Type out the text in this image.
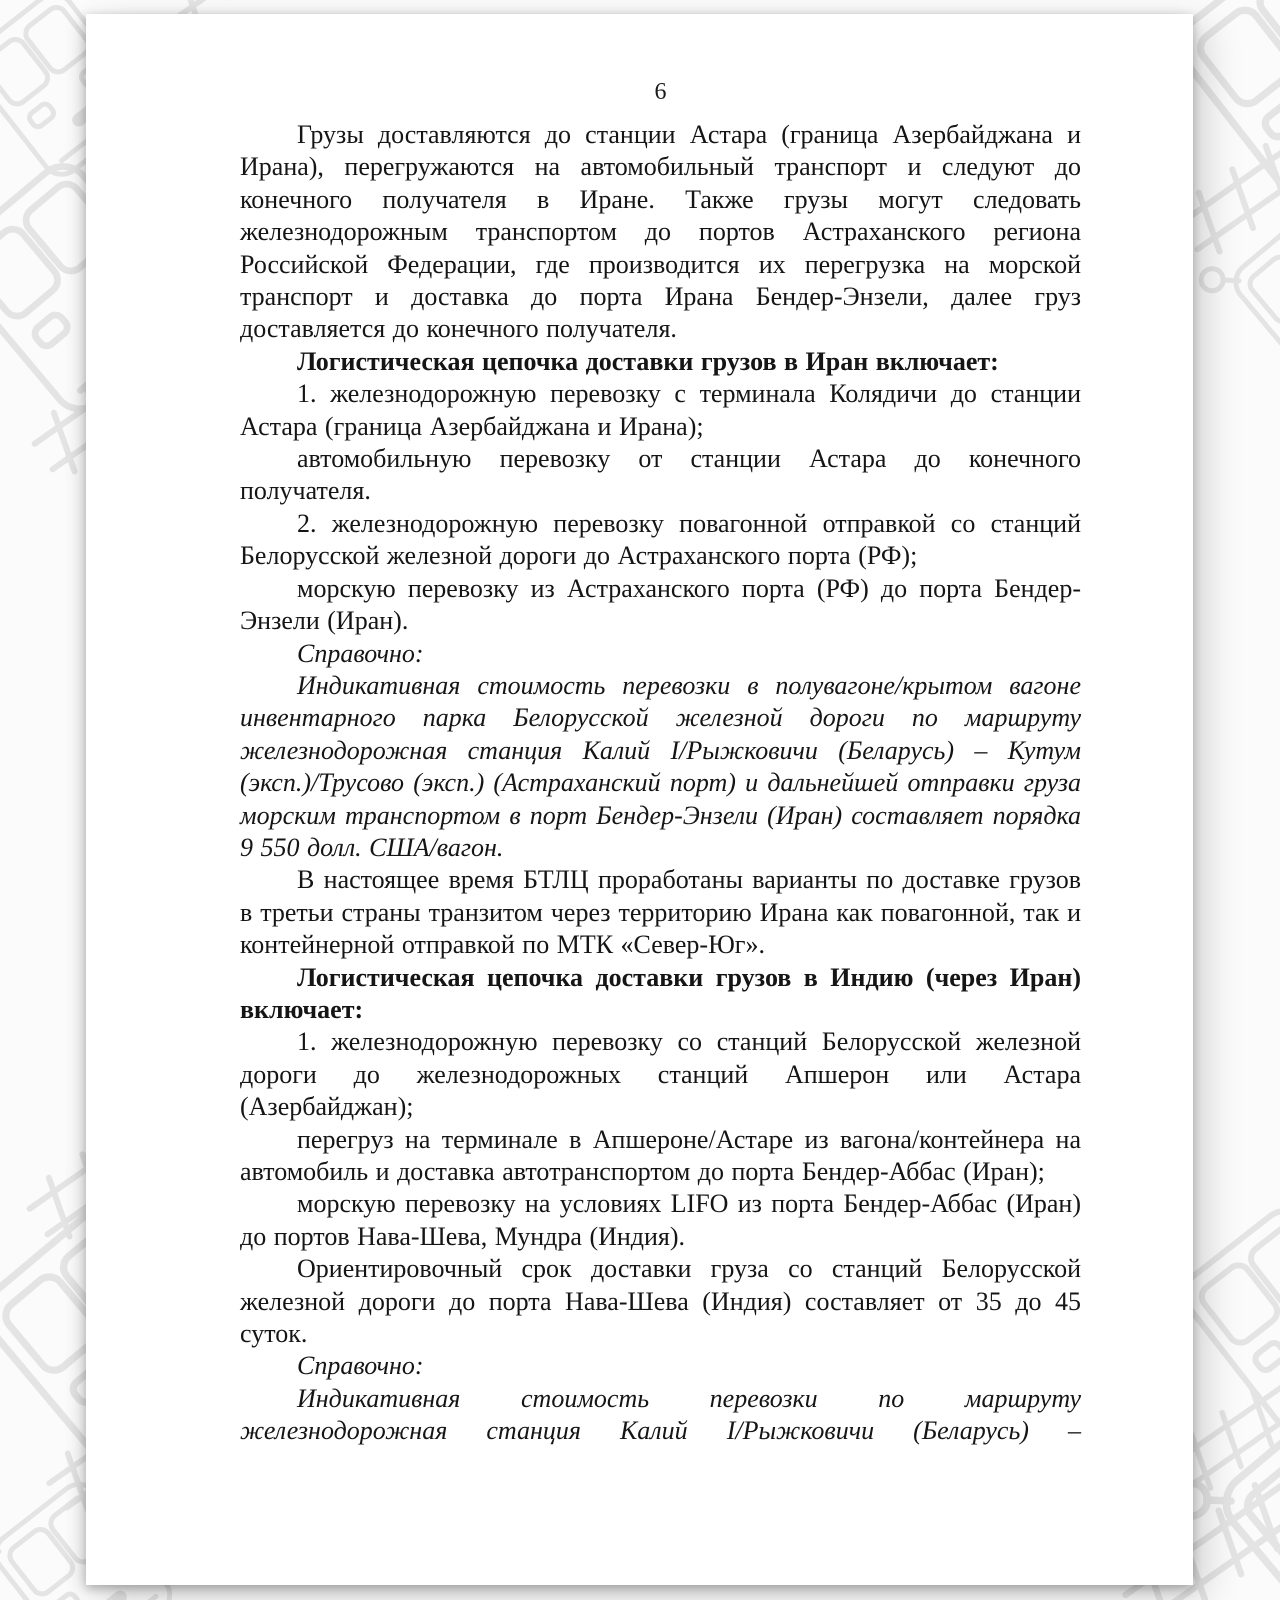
6

Грузы доставляются до станции Астара (граница Азербайджана и Ирана), перегружаются на автомобильный транспорт и следуют до конечного получателя в Иране. Также грузы могут следовать железнодорожным транспортом до портов Астраханского региона Российской Федерации, где производится их перегрузка на морской транспорт и доставка до порта Ирана Бендер-Энзели, далее груз доставляется до конечного получателя.

Логистическая цепочка доставки грузов в Иран включает:

1. железнодорожную перевозку с терминала Колядичи до станции Астара (граница Азербайджана и Ирана);

автомобильную перевозку от станции Астара до конечного получателя.

2. железнодорожную перевозку повагонной отправкой со станций Белорусской железной дороги до Астраханского порта (РФ);

морскую перевозку из Астраханского порта (РФ) до порта Бендер-Энзели (Иран).

Справочно:

Индикативная стоимость перевозки в полувагоне/крытом вагоне инвентарного парка Белорусской железной дороги по маршруту железнодорожная станция Калий I/Рыжковичи (Беларусь) – Кутум (эксп.)/Трусово (эксп.) (Астраханский порт) и дальнейшей отправки груза морским транспортом в порт Бендер-Энзели (Иран) составляет порядка 9 550 долл. США/вагон.

В настоящее время БТЛЦ проработаны варианты по доставке грузов в третьи страны транзитом через территорию Ирана как повагонной, так и контейнерной отправкой по МТК «Север-Юг».

Логистическая цепочка доставки грузов в Индию (через Иран) включает:

1. железнодорожную перевозку со станций Белорусской железной дороги до железнодорожных станций Апшерон или Астара (Азербайджан);

перегруз на терминале в Апшероне/Астаре из вагона/контейнера на автомобиль и доставка автотранспортом до порта Бендер-Аббас (Иран);

морскую перевозку на условиях LIFO из порта Бендер-Аббас (Иран) до портов Нава-Шева, Мундра (Индия).

Ориентировочный срок доставки груза со станций Белорусской железной дороги до порта Нава-Шева (Индия) составляет от 35 до 45 суток.

Справочно:

Индикативная стоимость перевозки по маршруту железнодорожная станция Калий I/Рыжковичи (Беларусь) –
